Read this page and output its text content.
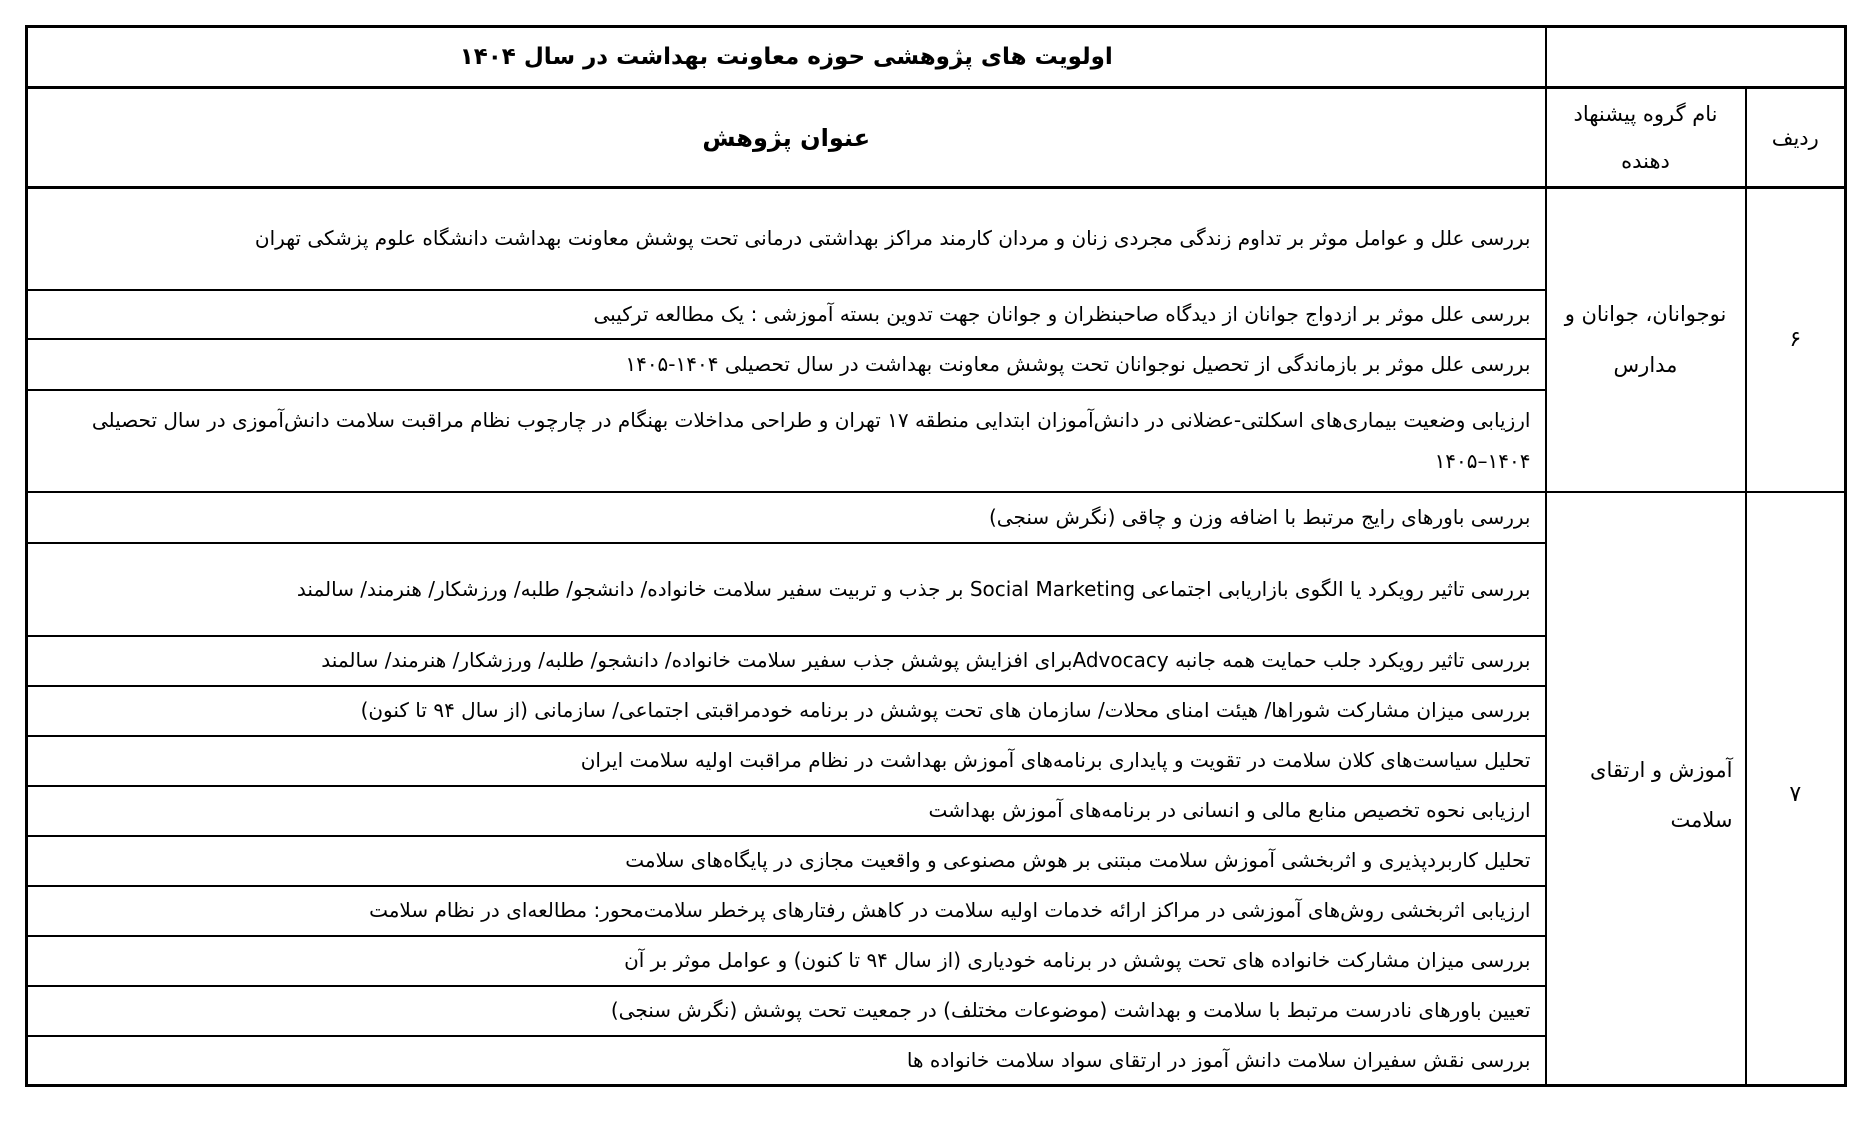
		اولویت های پژوهشی حوزه معاونت بهداشت در سال ۱۴۰۴
ردیف	نام گروه پیشنهاد دهنده	عنوان پژوهش
۶	نوجوانان، جوانان و مدارس	بررسی علل و عوامل موثر بر تداوم زندگی مجردی زنان و مردان کارمند مراکز بهداشتی درمانی تحت پوشش معاونت بهداشت دانشگاه علوم پزشکی تهران
		بررسی علل موثر بر ازدواج جوانان از دیدگاه صاحبنظران و جوانان جهت تدوین بسته آموزشی : یک مطالعه ترکیبی
		بررسی علل موثر بر بازماندگی از تحصیل نوجوانان تحت پوشش معاونت بهداشت در سال تحصیلی ۱۴۰۴-۱۴۰۵
		ارزیابی وضعیت بیماری‌های اسکلتی-عضلانی در دانش‌آموزان ابتدایی منطقه ۱۷ تهران و طراحی مداخلات بهنگام در چارچوب نظام مراقبت سلامت دانش‌آموزی در سال تحصیلی ۱۴۰۴–۱۴۰۵
۷	آموزش و ارتقای سلامت	بررسی باورهای رایج مرتبط با اضافه وزن و چاقی (نگرش سنجی)
		بررسی تاثیر رویکرد یا الگوی بازاریابی اجتماعی Social Marketing بر جذب و تربیت سفیر سلامت خانواده/ دانشجو/ طلبه/ ورزشکار/ هنرمند/ سالمند
		بررسی تاثیر رویکرد جلب حمایت همه جانبه Advocacyبرای افزایش پوشش جذب سفیر سلامت خانواده/ دانشجو/ طلبه/ ورزشکار/ هنرمند/ سالمند
		بررسی میزان مشارکت شوراها/ هیئت امنای محلات/ سازمان های تحت پوشش در برنامه خودمراقبتی اجتماعی/ سازمانی (از سال ۹۴ تا کنون)
		تحلیل سیاست‌های کلان سلامت در تقویت و پایداری برنامه‌های آموزش بهداشت در نظام مراقبت اولیه سلامت ایران
		ارزیابی نحوه تخصیص منابع مالی و انسانی در برنامه‌های آموزش بهداشت
		تحلیل کاربردپذیری و اثربخشی آموزش سلامت مبتنی بر هوش مصنوعی و واقعیت مجازی در پایگاه‌های سلامت
		ارزیابی اثربخشی روش‌های آموزشی در مراکز ارائه خدمات اولیه سلامت در کاهش رفتارهای پرخطر سلامت‌محور: مطالعه‌ای در نظام سلامت
		بررسی میزان مشارکت خانواده های تحت پوشش در برنامه خودیاری (از سال ۹۴ تا کنون) و عوامل موثر بر آن
		تعیین باورهای نادرست مرتبط با سلامت و بهداشت (موضوعات مختلف) در جمعیت تحت پوشش (نگرش سنجی)
		بررسی نقش سفیران سلامت دانش آموز در ارتقای سواد سلامت خانواده ها
